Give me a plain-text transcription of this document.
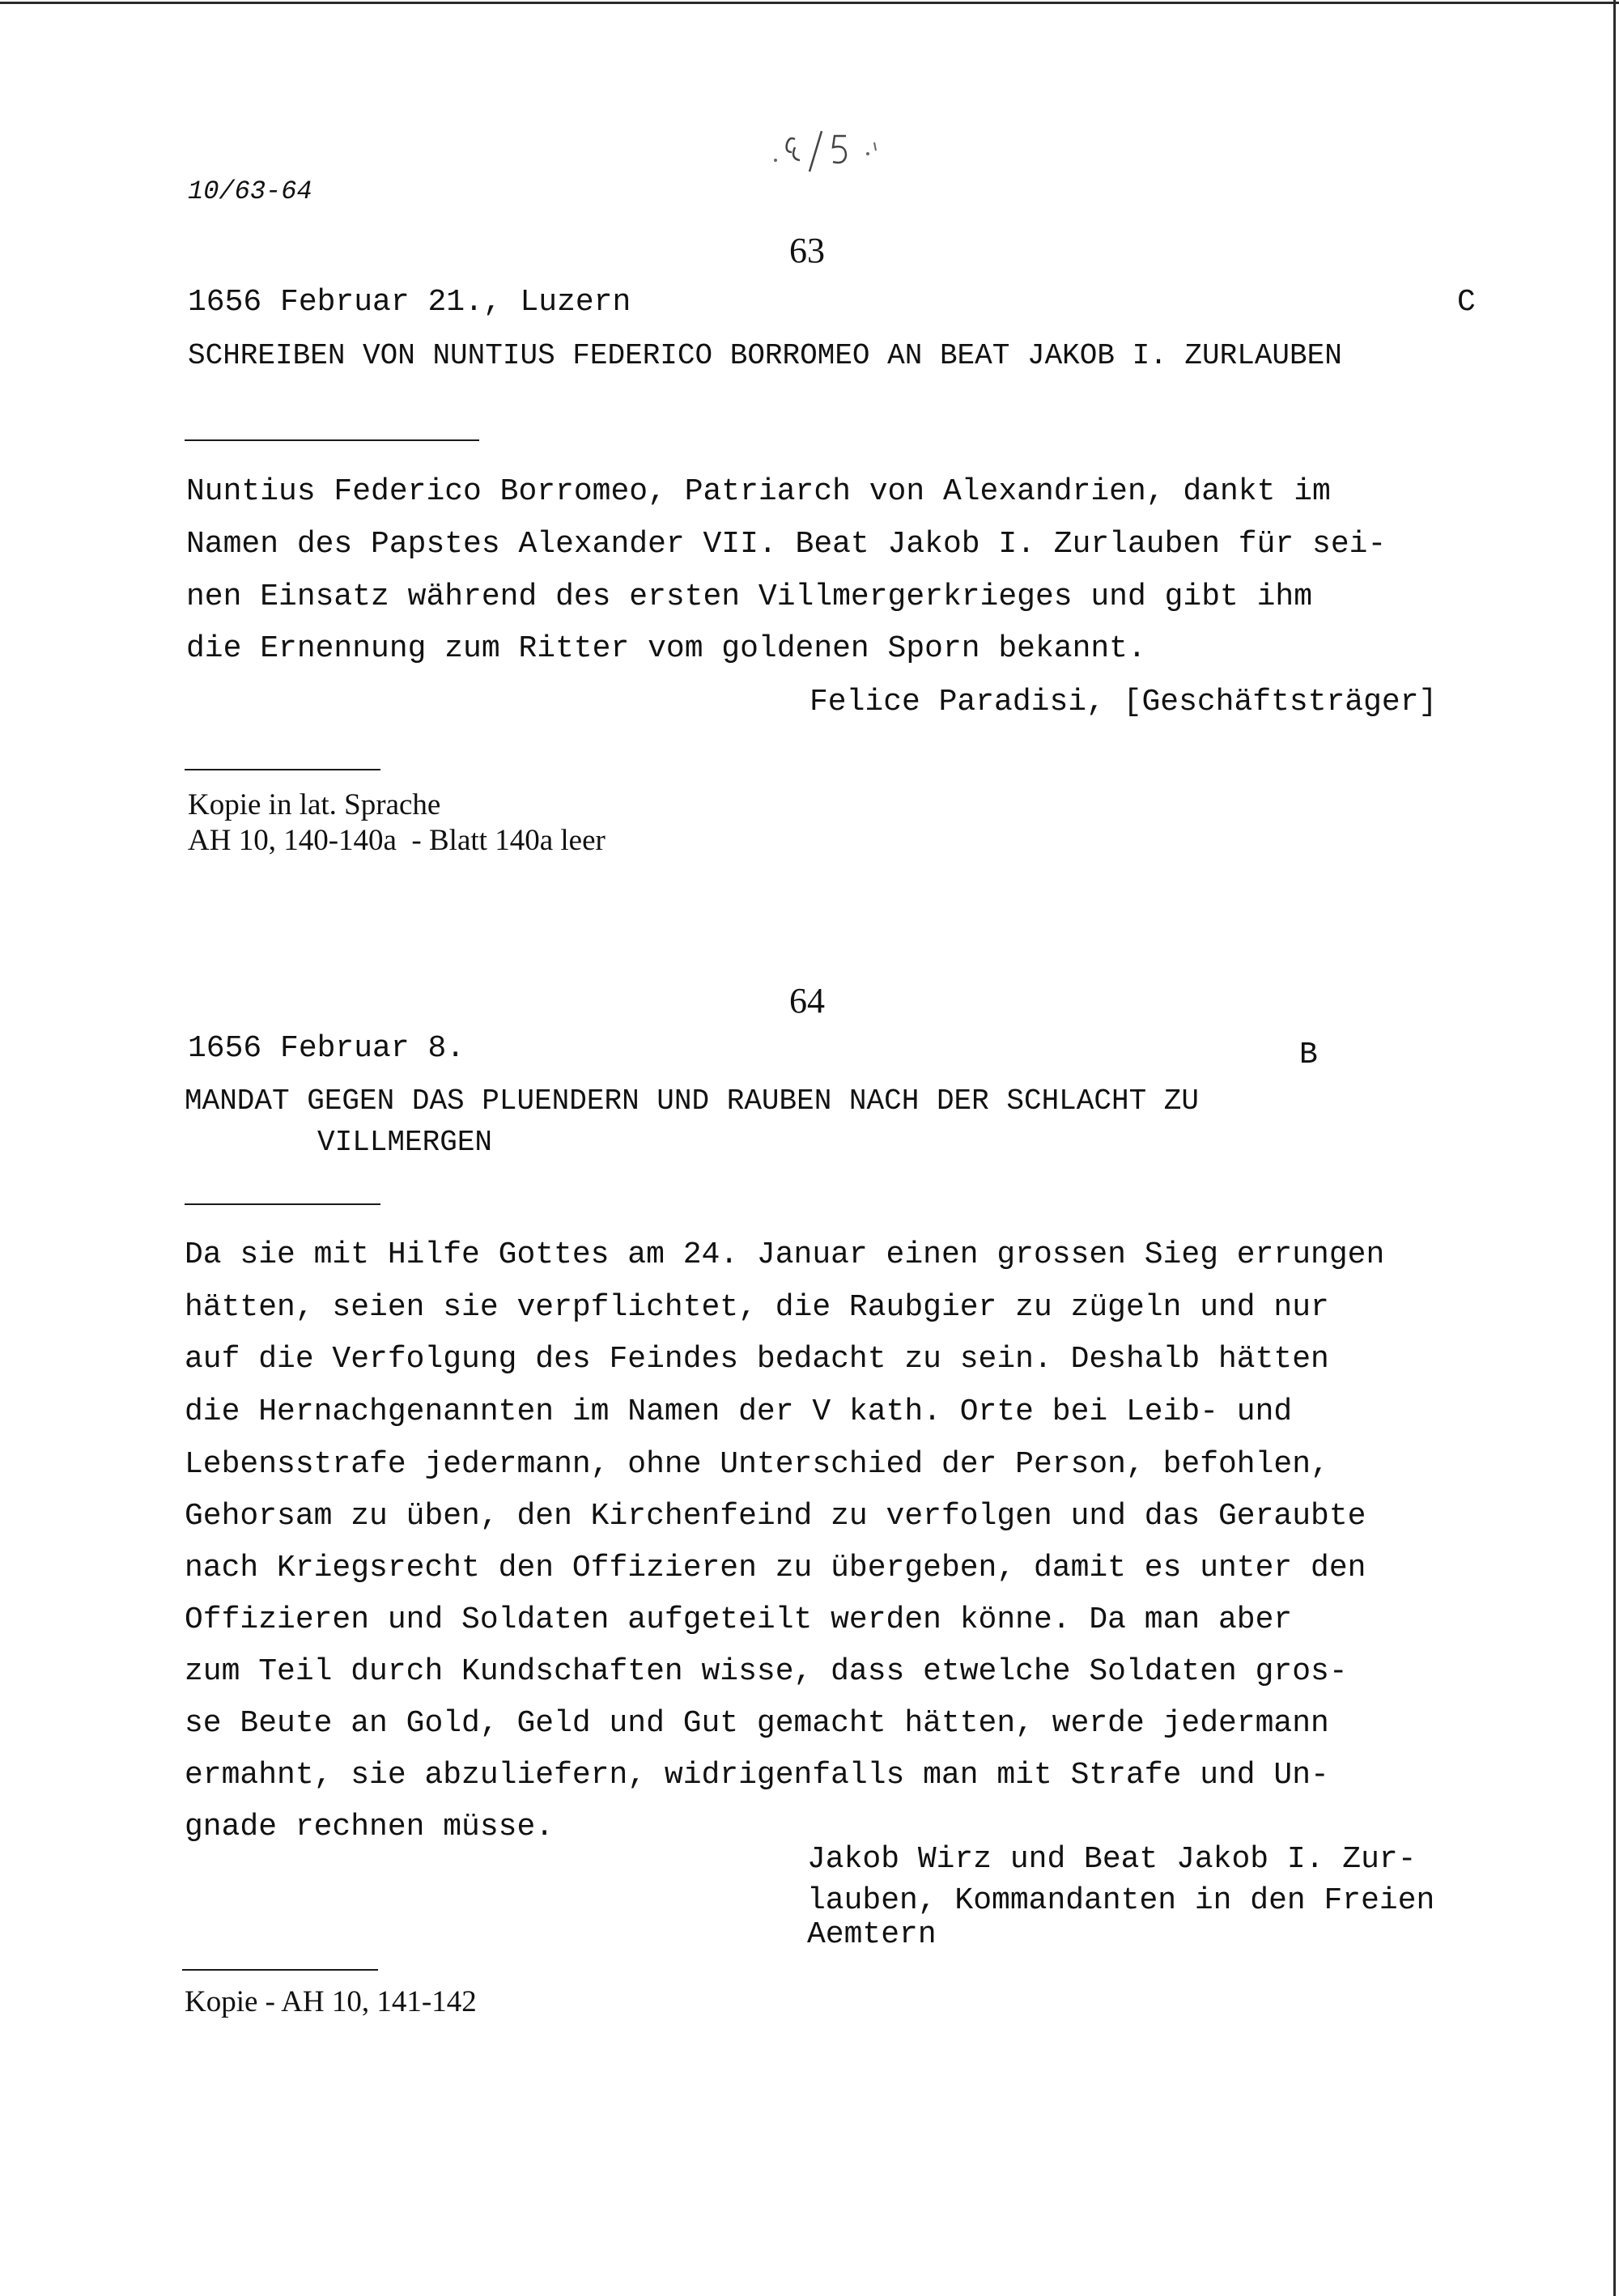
10/63-64
63
1656 Februar 21., Luzern	C
SCHREIBEN VON NUNTIUS FEDERICO BORROMEO AN BEAT JAKOB I. ZURLAUBEN
Nuntius Federico Borromeo, Patriarch von Alexandrien, dankt im
Namen des Papstes Alexander VII. Beat Jakob I. Zurlauben für sei-
nen Einsatz während des ersten Villmergerkrieges und gibt ihm
die Ernennung zum Ritter vom goldenen Sporn bekannt.
Felice Paradisi, [Geschäftsträger]
Kopie in lat. Sprache
AH 10, 140-140a  - Blatt 140a leer
64
1656 Februar 8.	B
MANDAT GEGEN DAS PLUENDERN UND RAUBEN NACH DER SCHLACHT ZU
VILLMERGEN
Da sie mit Hilfe Gottes am 24. Januar einen grossen Sieg errungen
hätten, seien sie verpflichtet, die Raubgier zu zügeln und nur
auf die Verfolgung des Feindes bedacht zu sein. Deshalb hätten
die Hernachgenannten im Namen der V kath. Orte bei Leib- und
Lebensstrafe jedermann, ohne Unterschied der Person, befohlen,
Gehorsam zu üben, den Kirchenfeind zu verfolgen und das Geraubte
nach Kriegsrecht den Offizieren zu übergeben, damit es unter den
Offizieren und Soldaten aufgeteilt werden könne. Da man aber
zum Teil durch Kundschaften wisse, dass etwelche Soldaten gros-
se Beute an Gold, Geld und Gut gemacht hätten, werde jedermann
ermahnt, sie abzuliefern, widrigenfalls man mit Strafe und Un-
gnade rechnen müsse.
Jakob Wirz und Beat Jakob I. Zur-
lauben, Kommandanten in den Freien
Aemtern
Kopie - AH 10, 141-142
